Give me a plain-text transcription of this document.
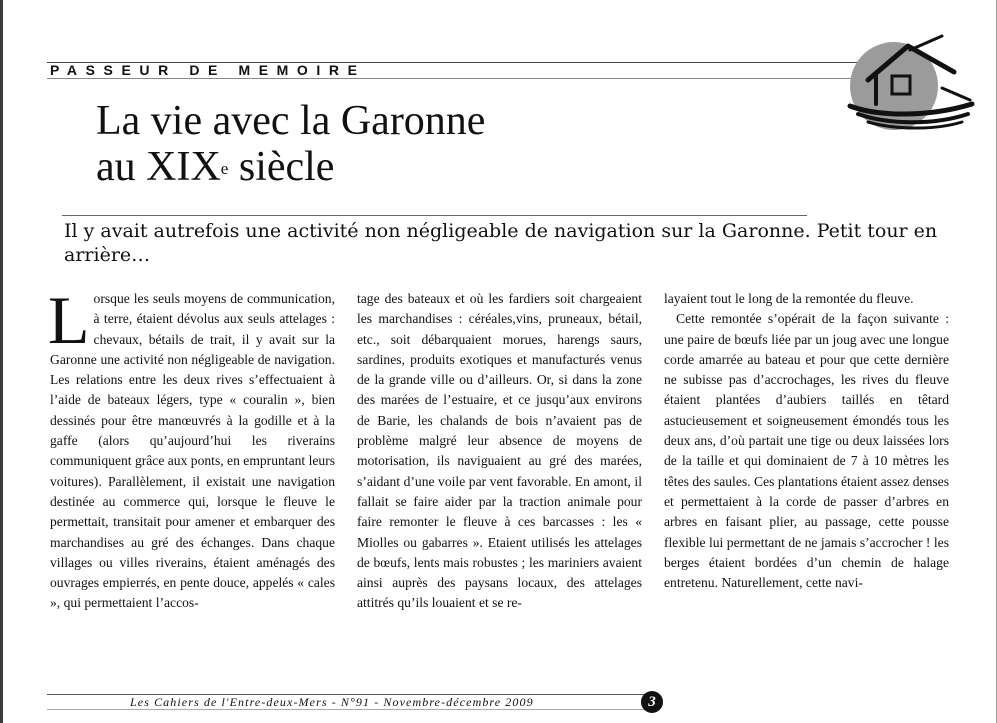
PASSEUR DE MEMOIRE
La vie avec la Garonne
au XIXe siècle

Il y avait autrefois une activité non négligeable de navigation sur la Garonne. Petit tour en arrière…

L orsque les seuls moyens de communication, à terre, étaient dévolus aux seuls attelages : chevaux, bétails de trait, il y avait sur la Garonne une activité non négligeable de navigation. Les relations entre les deux rives s’effectuaient à l’aide de bateaux légers, type « couralin », bien dessinés pour être manœuvrés à la godille et à la gaffe (alors qu’aujourd’hui les riverains communiquent grâce aux ponts, en empruntant leurs voitures). Parallèlement, il existait une navigation destinée au commerce qui, lorsque le fleuve le permettait, transitait pour amener et embarquer des marchandises au gré des échanges. Dans chaque villages ou villes riverains, étaient aménagés des ouvrages empierrés, en pente douce, appelés « cales », qui permettaient l’accos-

tage des bateaux et où les fardiers soit chargeaient les marchandises : céréales,vins, pruneaux, bétail, etc., soit débarquaient morues, harengs saurs, sardines, produits exotiques et manufacturés venus de la grande ville ou d’ailleurs. Or, si dans la zone des marées de l’estuaire, et ce jusqu’aux environs de Barie, les chalands de bois n’avaient pas de problème malgré leur absence de moyens de motorisation, ils naviguaient au gré des marées, s’aidant d’une voile par vent favorable. En amont, il fallait se faire aider par la traction animale pour faire remonter le fleuve à ces barcasses : les « Miolles ou gabarres ». Etaient utilisés les attelages de bœufs, lents mais robustes ; les mariniers avaient ainsi auprès des paysans locaux, des attelages attitrés qu’ils louaient et se re-

layaient tout le long de la remontée du fleuve.

Cette remontée s’opérait de la façon suivante : une paire de bœufs liée par un joug avec une longue corde amarrée au bateau et pour que cette dernière ne subisse pas d’accrochages, les rives du fleuve étaient plantées d’aubiers taillés en têtard astucieusement et soigneusement émondés tous les deux ans, d’où partait une tige ou deux laissées lors de la taille et qui dominaient de 7 à 10 mètres les têtes des saules. Ces plantations étaient assez denses et permettaient à la corde de passer d’arbres en arbres en faisant plier, au passage, cette pousse flexible lui permettant de ne jamais s’accrocher ! les berges étaient bordées d’un chemin de halage entretenu. Naturellement, cette navi-

Les Cahiers de l'Entre-deux-Mers - N°91 - Novembre-décembre 2009	3
